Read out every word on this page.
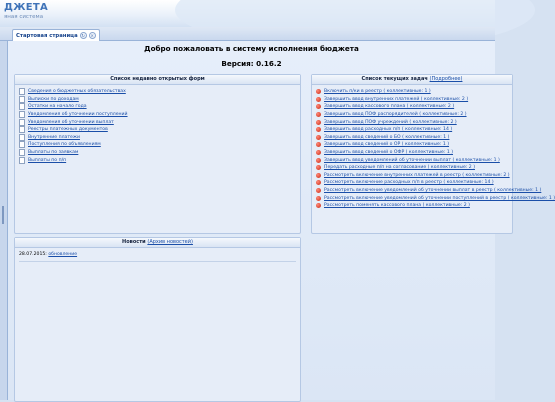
ДЖЕТА
яная система
Стартовая страница ↻	×
Добро пожаловать в систему исполнения бюджета
Версия: 0.16.2
Список недавно открытых форм
Сведения о бюджетных обязательствах
Выписки по доходам
Остатки на начало года
Уведомления об уточнении поступлений
Уведомления об уточнении выплат
Реестры платежных документов
Внутренние платежи
Поступления по объявлениям
Выплаты по заявкам
Выплаты по п/п
Список текущих задач (Подробнее)
Включить п/ки в реестр ( коллективные: 1 )
Завершить ввод внутренних платежей ( коллективные: 2 )
Завершить ввод кассового плана ( коллективные: 2 )
Завершить ввод ПОФ распорядителей ( коллективные: 2 )
Завершить ввод ПОФ учреждений ( коллективные: 2 )
Завершить ввод расходных п/п ( коллективные: 14 )
Завершить ввод сведений о БО ( коллективные: 1 )
Завершить ввод сведений о ОР ( коллективные: 1 )
Завершить ввод сведений о ОФР ( коллективные: 1 )
Завершить ввод уведомлений об уточнении выплат ( коллективные: 1 )
Передать расходные п/п на согласование ( коллективные: 2 )
Рассмотреть включение внутренних платежей в реестр ( коллективные: 2 )
Рассмотреть включение расходных п/п в реестр ( коллективные: 14 )
Рассмотреть включение уведомлений об уточнении выплат в реестр ( коллективные: 1 )
Рассмотреть включение уведомлений об уточнении поступлений в реестр ( коллективные: 1 )
Рассмотреть поменять кассового плана ( коллективные: 2 )
Новости (Архив новостей)
28.07.2015: обновление
